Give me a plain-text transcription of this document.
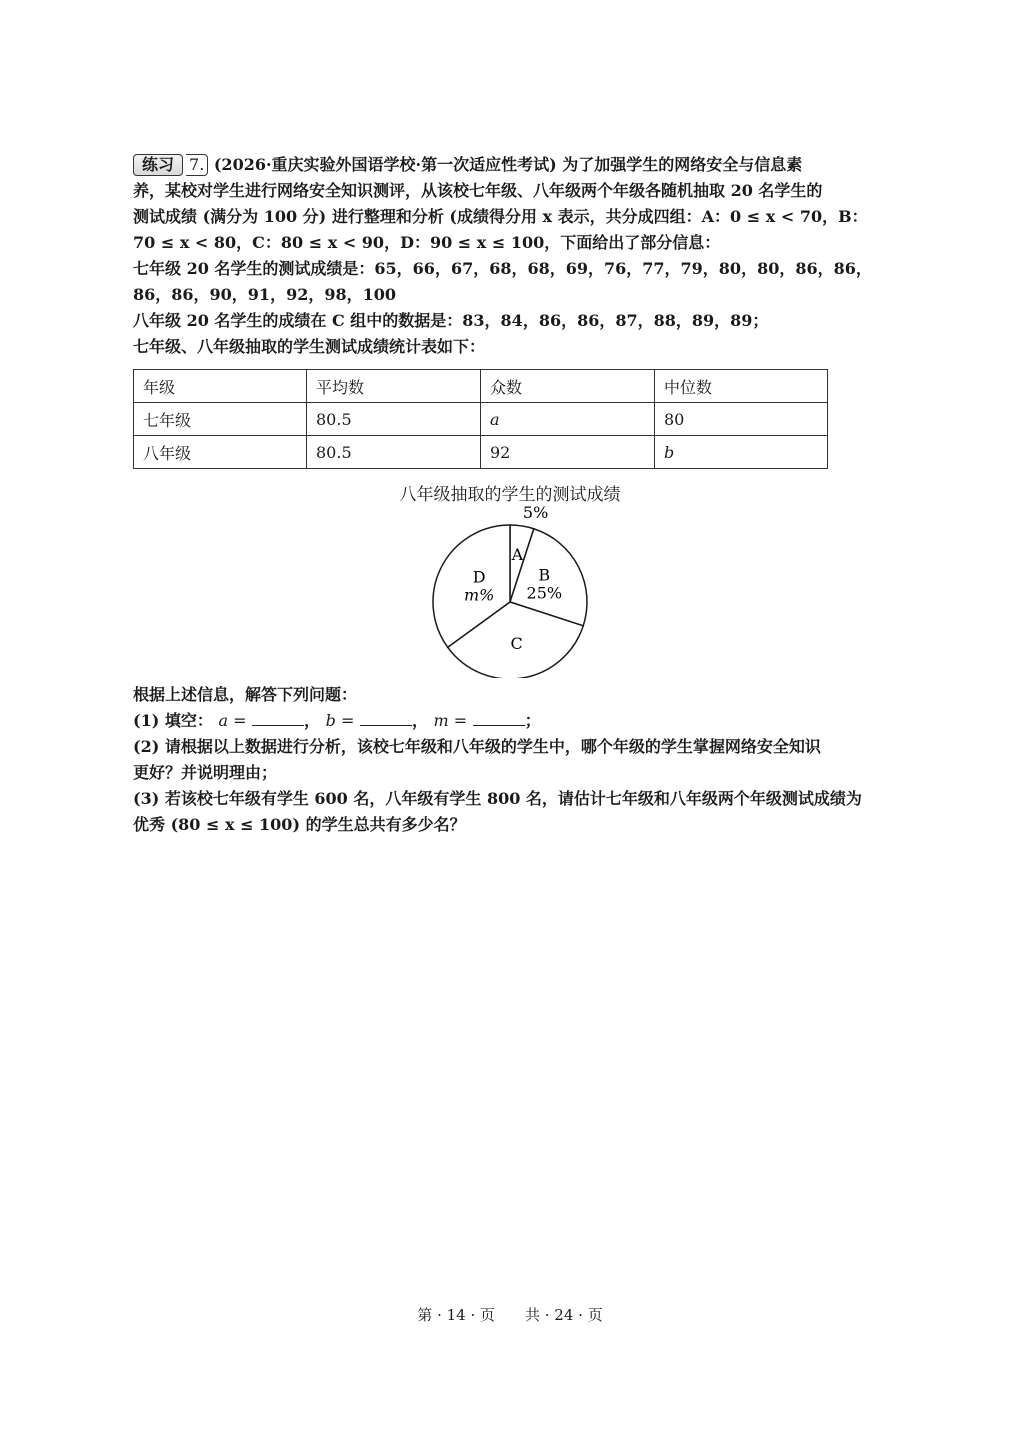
练习 7. (2026·重庆实验外国语学校·第一次适应性考试) 为了加强学生的网络安全与信息素
养，某校对学生进行网络安全知识测评，从该校七年级、八年级两个年级各随机抽取 20 名学生的
测试成绩 (满分为 100 分) 进行整理和分析 (成绩得分用 x 表示，共分成四组：A：0 ≤ x < 70，B：
70 ≤ x < 80，C：80 ≤ x < 90，D：90 ≤ x ≤ 100，下面给出了部分信息：
七年级 20 名学生的测试成绩是：65，66，67，68，68，69，76，77，79，80，80，86，86，
86，86，90，91，92，98，100
八年级 20 名学生的成绩在 C 组中的数据是：83，84，86，86，87，88，89，89；
七年级、八年级抽取的学生测试成绩统计表如下：
年级	平均数	众数	中位数
七年级	80.5	a	80
八年级	80.5	92	b
八年级抽取的学生的测试成绩
A
5%
B
25%
C
D
m%
根据上述信息，解答下列问题：
(1) 填空： a =	， b =	， m =	；
(2) 请根据以上数据进行分析，该校七年级和八年级的学生中，哪个年级的学生掌握网络安全知识
更好？并说明理由；
(3) 若该校七年级有学生 600 名，八年级有学生 800 名，请估计七年级和八年级两个年级测试成绩为
优秀 (80 ≤ x ≤ 100) 的学生总共有多少名？
第 · 14 · 页　　共 · 24 · 页
